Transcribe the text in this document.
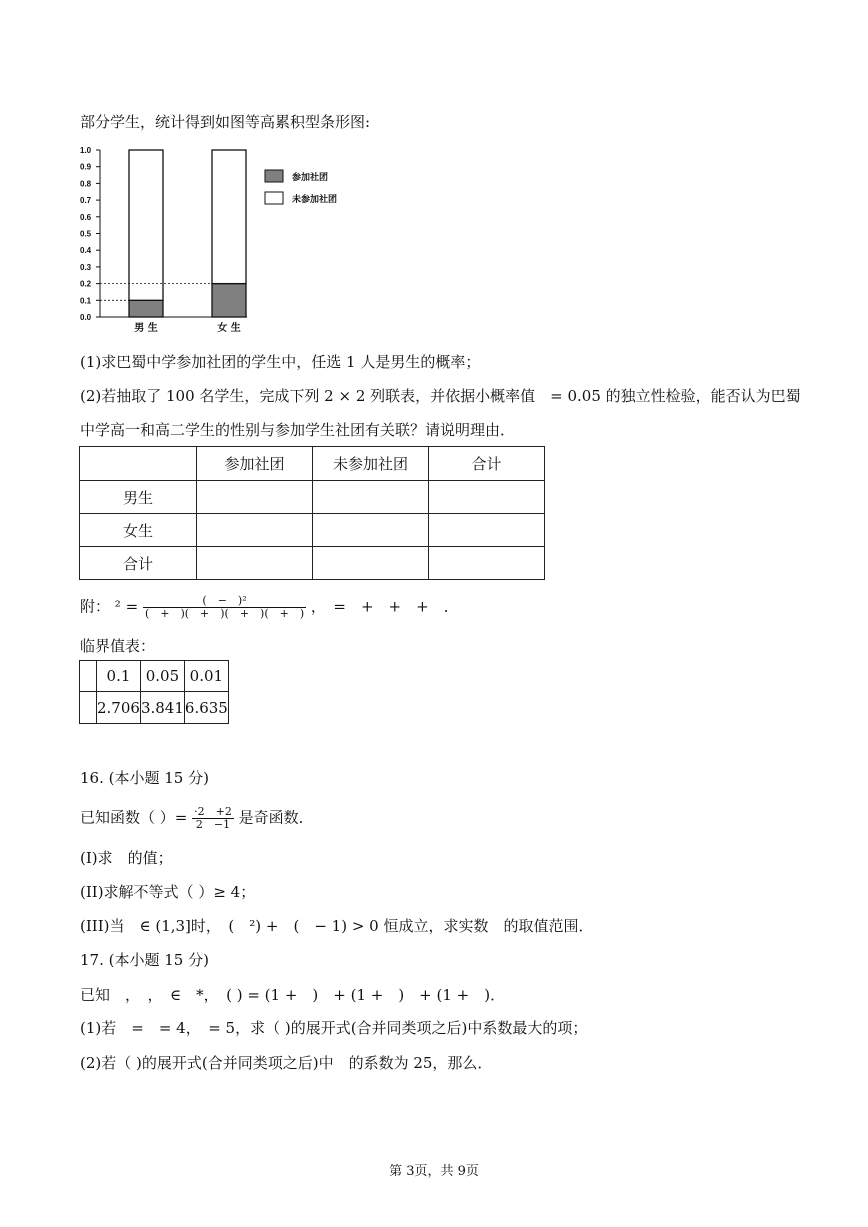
部分学生，统计得到如图等高累积型条形图:
0.0
0.1
0.2
0.3
0.4
0.5
0.6
0.7
0.8
0.9
1.0
男 生	女 生
参加社团
未参加社团
(1)求巴蜀中学参加社团的学生中，任选 1 人是男生的概率；
(2)若抽取了 100 名学生，完成下列 2 × 2 列联表，并依据小概率值　= 0.05 的独立性检验，能否认为巴蜀
中学高一和高二学生的性别与参加学生社团有关联？请说明理由．
	参加社团	未参加社团	合计
男生			
女生			
合计			
附： $^2 = \frac{\text{(　−　)²}}{( + )( + )( + )( + )}$ ，　=　+　+　+　．
临界值表：
	0.1	0.05	0.01
	2.706	3.841	6.635
16. (本小题 15 分)
已知函数（ ）= $\frac{\cdot 2 +2}{2 -1}$ 是奇函数．
(I)求　的值；
(II)求解不等式（ ）≥ 4；
(III)当　∈ (1,3]时，　(　²) +　(　− 1) > 0 恒成立，求实数　的取值范围．
17. (本小题 15 分)
已知　，　，　∈　*，　( ) = (1 +　)　+ (1 +　)　+ (1 +　)．
(1)若　=　= 4，　= 5，求（ )的展开式(合并同类项之后)中系数最大的项；
(2)若（ )的展开式(合并同类项之后)中　的系数为 25，那么．
第 3页，共 9页
